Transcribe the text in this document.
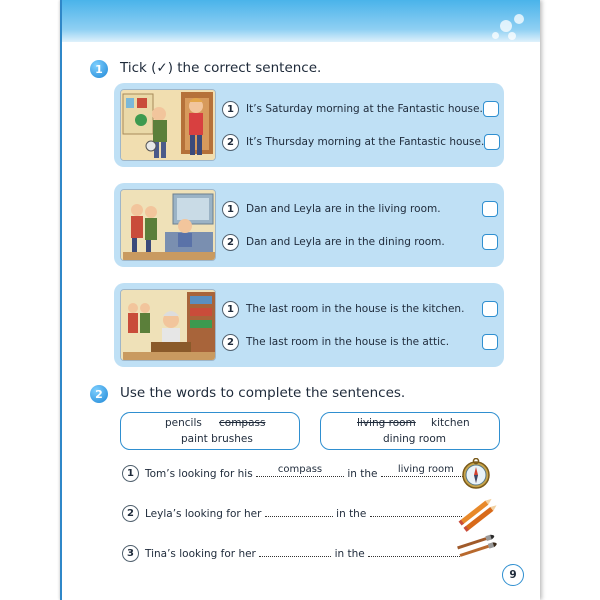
1	Tick (✓) the correct sentence.
1	It’s Saturday morning at the Fantastic house.
2	It’s Thursday morning at the Fantastic house.
1	Dan and Leyla are in the living room.
2	Dan and Leyla are in the dining room.
1	The last room in the house is the kitchen.
2	The last room in the house is the attic.
2	Use the words to complete the sentences.
pencils compass
paint brushes
living room kitchen
dining room
1	Tom’s looking for his	compass	in the	living room
2	Leyla’s looking for her	in the
3	Tina’s looking for her	in the
9
